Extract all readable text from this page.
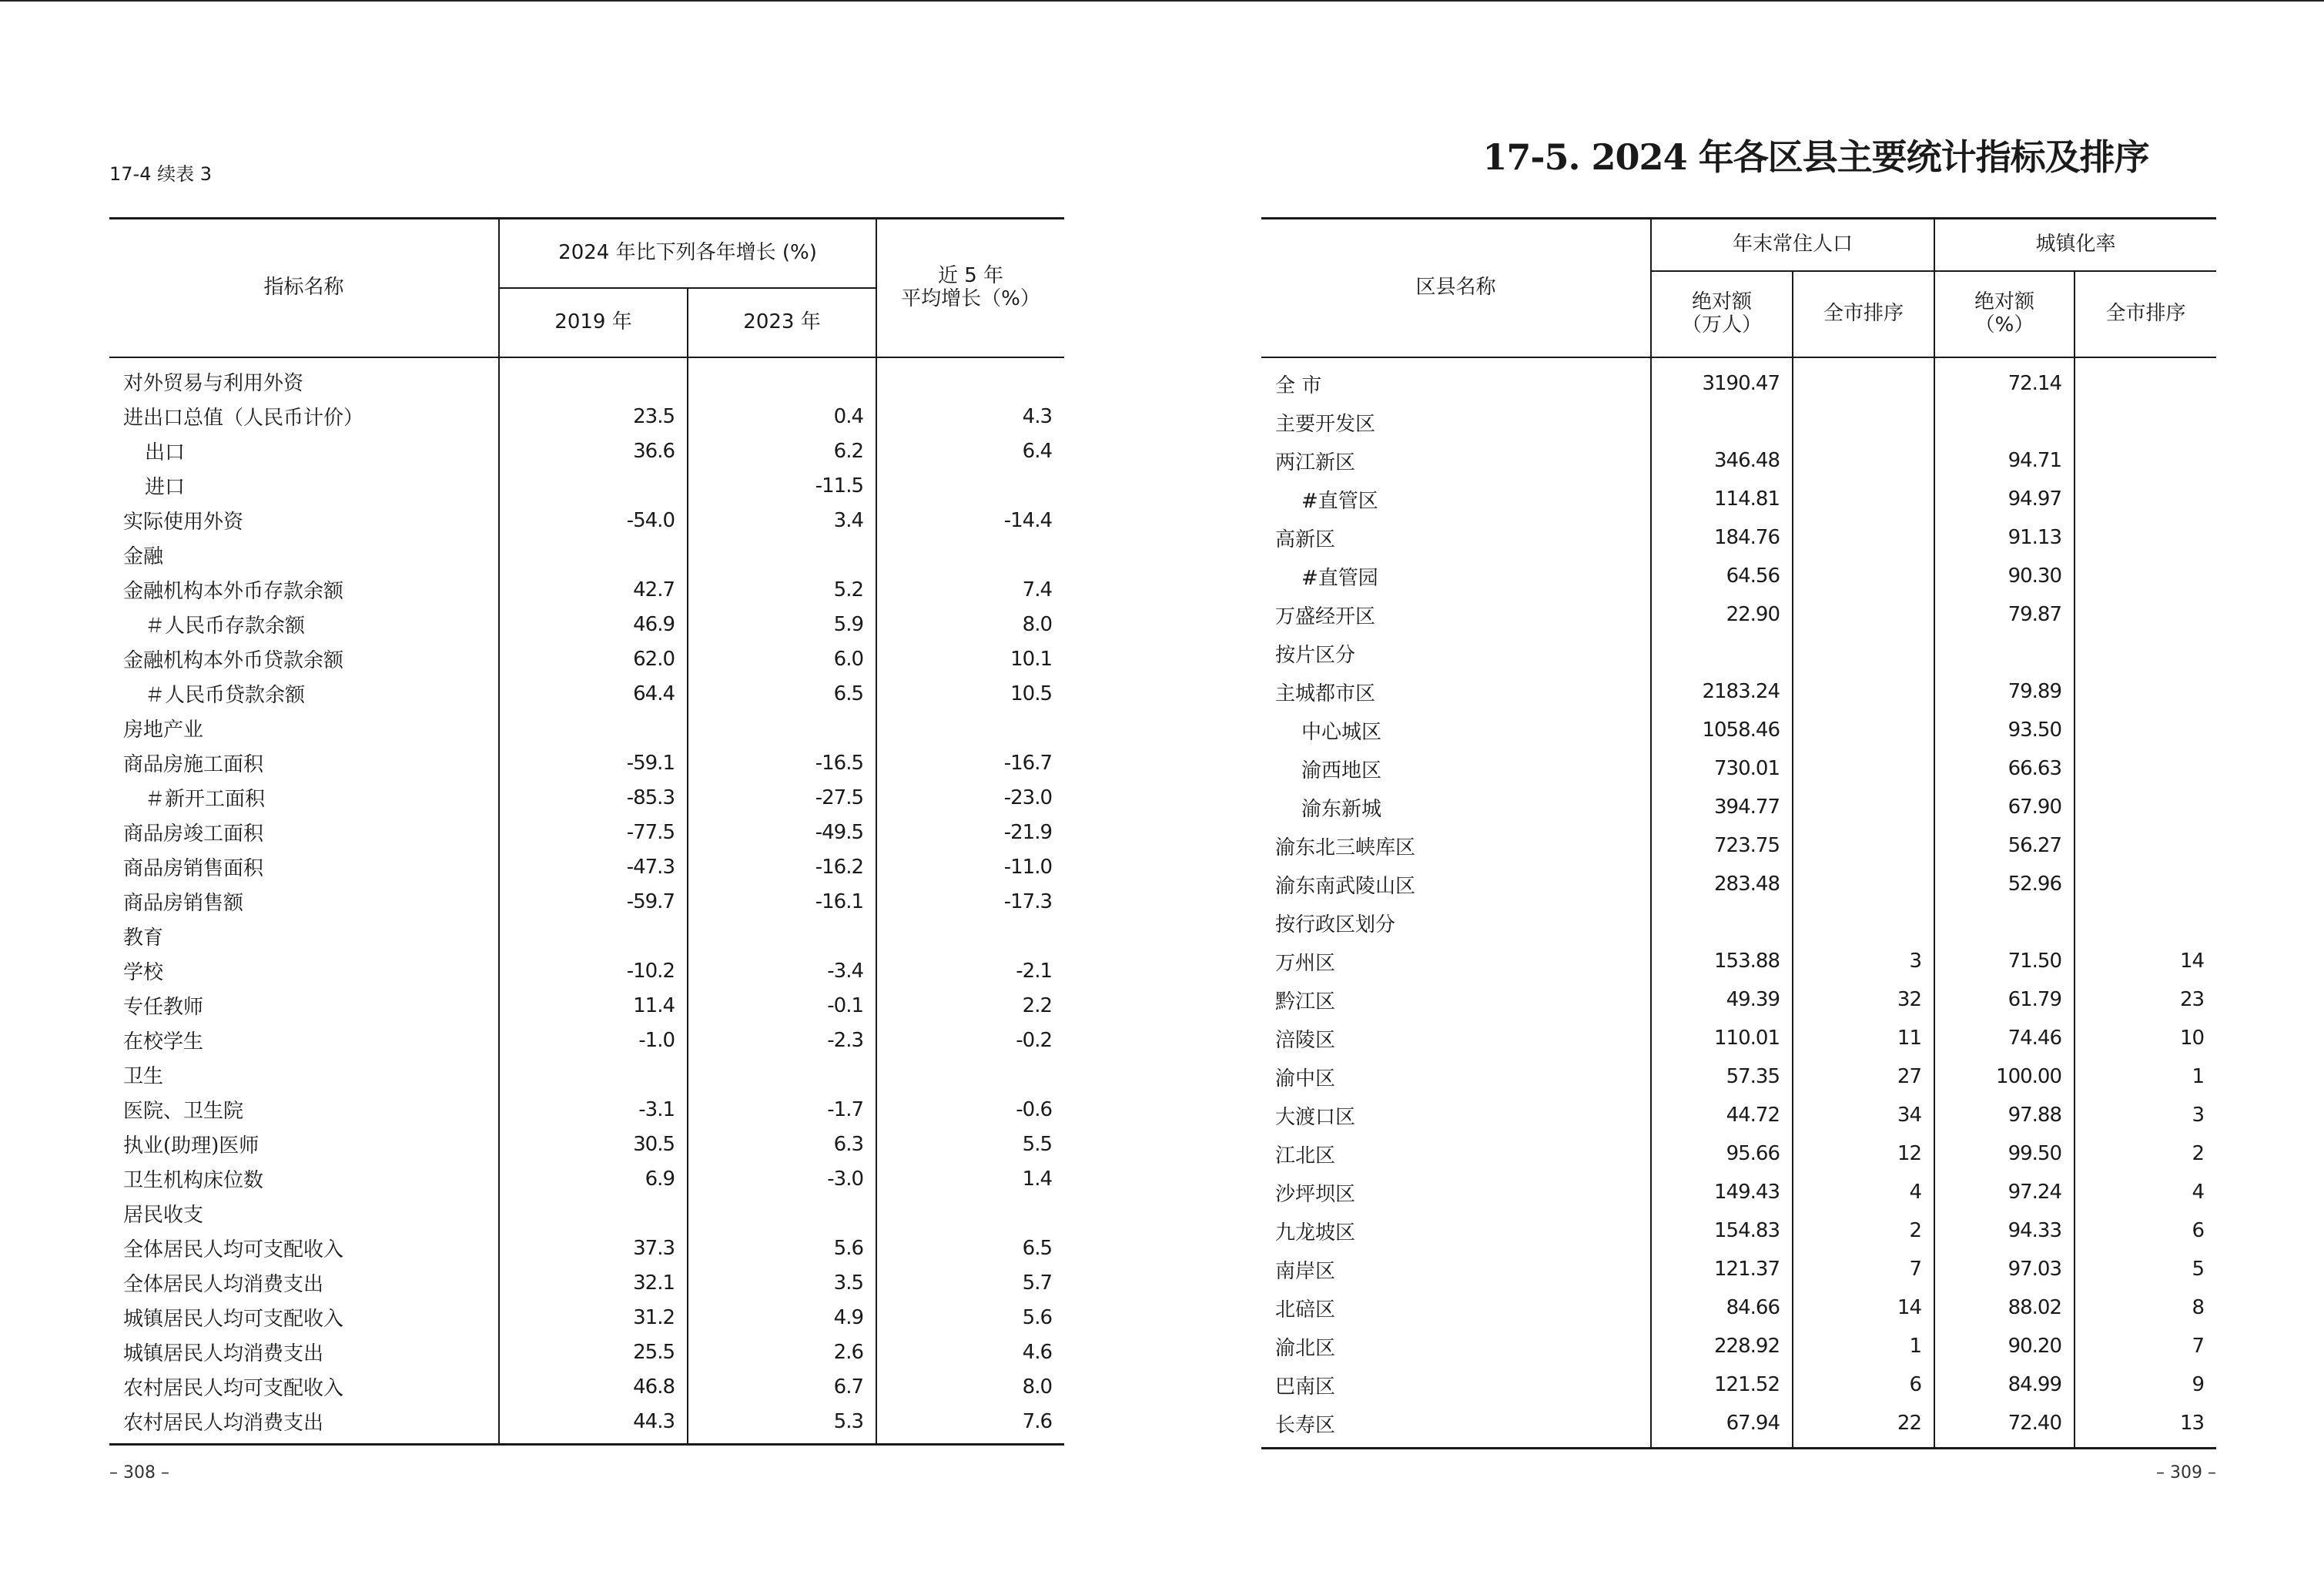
17-4 续表 3
指标名称	2024 年比下列各年增长 (%)		近 5 年
平均增长（%）
	2019 年	2023 年	
对外贸易与利用外资			
进出口总值（人民币计价）	23.5	0.4	4.3
出口	36.6	6.2	6.4
进口		-11.5	
实际使用外资	-54.0	3.4	-14.4
金融			
金融机构本外币存款余额	42.7	5.2	7.4
＃人民币存款余额	46.9	5.9	8.0
金融机构本外币贷款余额	62.0	6.0	10.1
＃人民币贷款余额	64.4	6.5	10.5
房地产业			
商品房施工面积	-59.1	-16.5	-16.7
＃新开工面积	-85.3	-27.5	-23.0
商品房竣工面积	-77.5	-49.5	-21.9
商品房销售面积	-47.3	-16.2	-11.0
商品房销售额	-59.7	-16.1	-17.3
教育			
学校	-10.2	-3.4	-2.1
专任教师	11.4	-0.1	2.2
在校学生	-1.0	-2.3	-0.2
卫生			
医院、卫生院	-3.1	-1.7	-0.6
执业(助理)医师	30.5	6.3	5.5
卫生机构床位数	6.9	-3.0	1.4
居民收支			
全体居民人均可支配收入	37.3	5.6	6.5
全体居民人均消费支出	32.1	3.5	5.7
城镇居民人均可支配收入	31.2	4.9	5.6
城镇居民人均消费支出	25.5	2.6	4.6
农村居民人均可支配收入	46.8	6.7	8.0
农村居民人均消费支出	44.3	5.3	7.6
– 308 –
17-5. 2024 年各区县主要统计指标及排序
区县名称	年末常住人口		城镇化率	
	绝对额
（万人）	全市排序	绝对额
（%）	全市排序
全 市	3190.47		72.14	
主要开发区				
两江新区	346.48		94.71	
#直管区	114.81		94.97	
高新区	184.76		91.13	
#直管园	64.56		90.30	
万盛经开区	22.90		79.87	
按片区分				
主城都市区	2183.24		79.89	
中心城区	1058.46		93.50	
渝西地区	730.01		66.63	
渝东新城	394.77		67.90	
渝东北三峡库区	723.75		56.27	
渝东南武陵山区	283.48		52.96	
按行政区划分				
万州区	153.88	3	71.50	14
黔江区	49.39	32	61.79	23
涪陵区	110.01	11	74.46	10
渝中区	57.35	27	100.00	1
大渡口区	44.72	34	97.88	3
江北区	95.66	12	99.50	2
沙坪坝区	149.43	4	97.24	4
九龙坡区	154.83	2	94.33	6
南岸区	121.37	7	97.03	5
北碚区	84.66	14	88.02	8
渝北区	228.92	1	90.20	7
巴南区	121.52	6	84.99	9
长寿区	67.94	22	72.40	13
– 309 –
